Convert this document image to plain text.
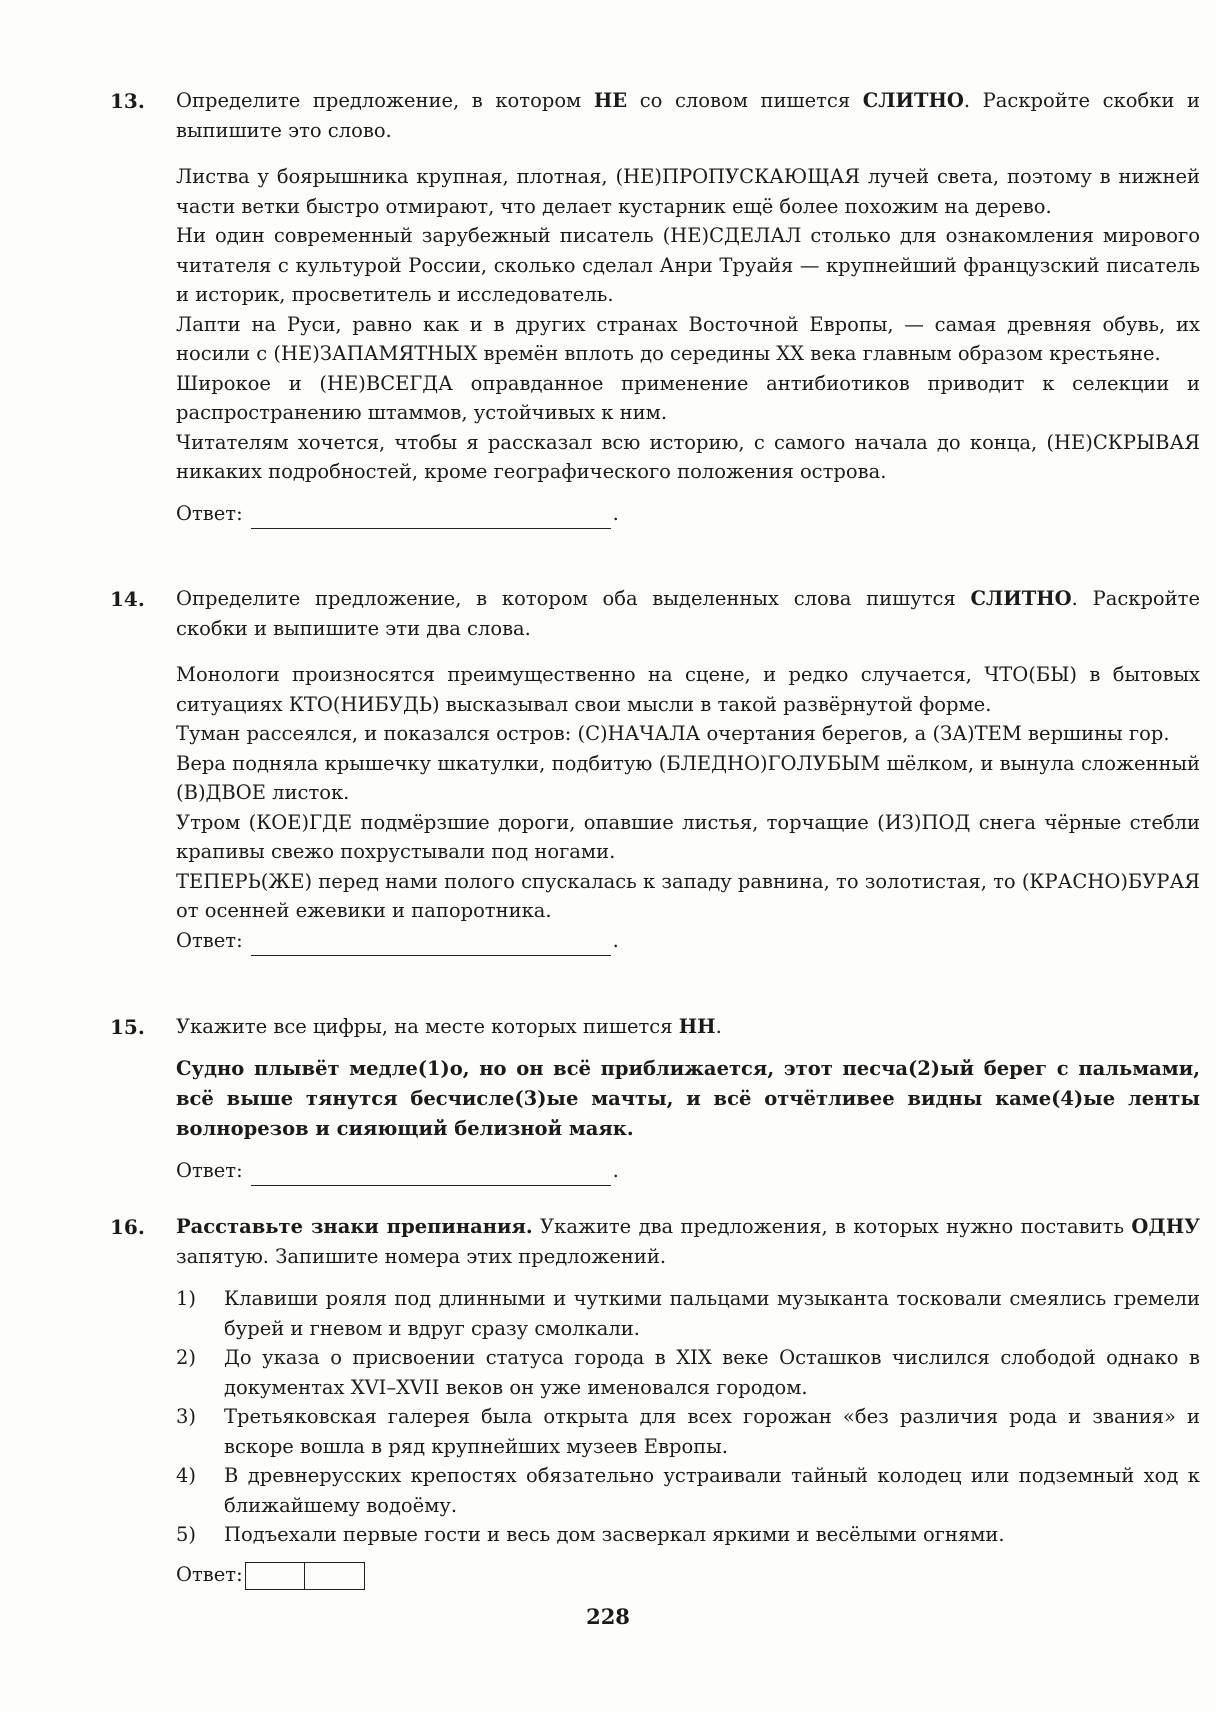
13. Определите предложение, в котором НЕ со словом пишется СЛИТНО. Раскройте скобки и выпишите это слово.

Листва у боярышника крупная, плотная, (НЕ)ПРОПУСКАЮЩАЯ лучей света, поэтому в нижней части ветки быстро отмирают, что делает кустарник ещё более похожим на дерево.
Ни один современный зарубежный писатель (НЕ)СДЕЛАЛ столько для ознакомления мирового читателя с культурой России, сколько сделал Анри Труайя — крупнейший французский писатель и историк, просветитель и исследователь.
Лапти на Руси, равно как и в других странах Восточной Европы, — самая древняя обувь, их носили с (НЕ)ЗАПАМЯТНЫХ времён вплоть до середины XX века главным образом крестьяне.
Широкое и (НЕ)ВСЕГДА оправданное применение антибиотиков приводит к селекции и распространению штаммов, устойчивых к ним.
Читателям хочется, чтобы я рассказал всю историю, с самого начала до конца, (НЕ)СКРЫВАЯ никаких подробностей, кроме географического положения острова.
Ответ:	.
14. Определите предложение, в котором оба выделенных слова пишутся СЛИТНО. Раскройте скобки и выпишите эти два слова.

Монологи произносятся преимущественно на сцене, и редко случается, ЧТО(БЫ) в бытовых ситуациях КТО(НИБУДЬ) высказывал свои мысли в такой развёрнутой форме.
Туман рассеялся, и показался остров: (С)НАЧАЛА очертания берегов, а (ЗА)ТЕМ вершины гор.
Вера подняла крышечку шкатулки, подбитую (БЛЕДНО)ГОЛУБЫМ шёлком, и вынула сложенный (В)ДВОЕ листок.
Утром (КОЕ)ГДЕ подмёрзшие дороги, опавшие листья, торчащие (ИЗ)ПОД снега чёрные стебли крапивы свежо похрустывали под ногами.
ТЕПЕРЬ(ЖЕ) перед нами полого спускалась к западу равнина, то золотистая, то (КРАСНО)БУРАЯ от осенней ежевики и папоротника.
Ответ:	.
15. Укажите все цифры, на месте которых пишется НН.

Судно плывёт медле(1)о, но он всё приближается, этот песча(2)ый берег с пальмами, всё выше тянутся бесчисле(3)ые мачты, и всё отчётливее видны каме(4)ые ленты волнорезов и сияющий белизной маяк.

Ответ:	.
16. Расставьте знаки препинания. Укажите два предложения, в которых нужно поставить ОДНУ запятую. Запишите номера этих предложений.

1) Клавиши рояля под длинными и чуткими пальцами музыканта тосковали смеялись гремели бурей и гневом и вдруг сразу смолкали.
2) До указа о присвоении статуса города в XIX веке Осташков числился слободой однако в документах XVI–XVII веков он уже именовался городом.
3) Третьяковская галерея была открыта для всех горожан «без различия рода и звания» и вскоре вошла в ряд крупнейших музеев Европы.
4) В древнерусских крепостях обязательно устраивали тайный колодец или подземный ход к ближайшему водоёму.
5) Подъехали первые гости и весь дом засверкал яркими и весёлыми огнями.
Ответ:
228
